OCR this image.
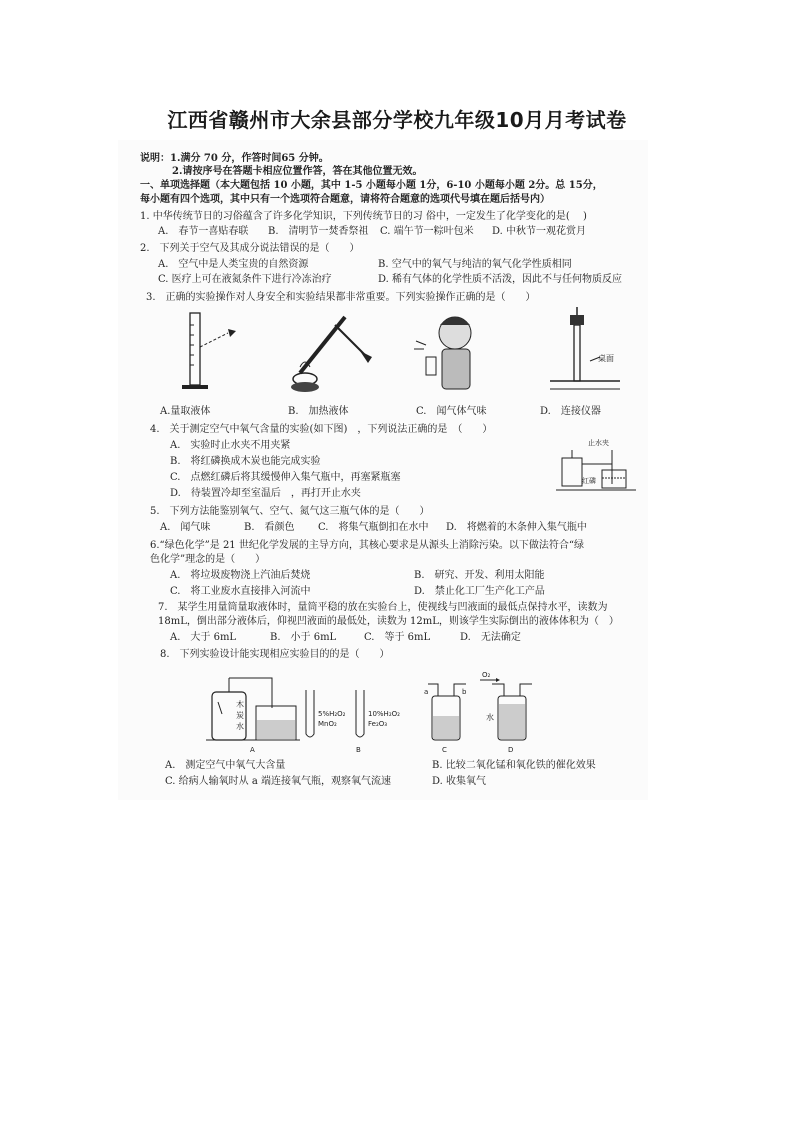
江西省赣州市大余县部分学校九年级10月月考试卷
说明：1.满分 70 分，作答时间65 分钟。
2.请按序号在答题卡相应位置作答，答在其他位置无效。
一、单项选择题（本大题包括 10 小题，其中 1-5 小题每小题 1分，6-10 小题每小题 2分。总 15分，
每小题有四个选项，其中只有一个选项符合题意，请将符合题意的选项代号填在题后括号内）
1. 中华传统节日的习俗蕴含了许多化学知识，下列传统节日的习 俗中，一定发生了化学变化的是(　 )
A.　春节一喜贴春联 B.　清明节一焚香祭祖 C. 端午节一粽叶包米 D. 中秋节一观花赏月
2.　下列关于空气及其成分说法错误的是（　　）
A.　空气中是人类宝贵的自然资源	B. 空气中的氧气与纯洁的氧气化学性质相同
C. 医疗上可在液氮条件下进行冷冻治疗	D. 稀有气体的化学性质不活泼，因此不与任何物质反应
3.　正确的实验操作对人身安全和实验结果都非常重要。下列实验操作正确的是（　　）
桌面
A.量取液体	B.　加热液体	C.　闻气体气味	D.　连接仪器
4.　关于测定空气中氧气含量的实验(如下图)　，下列说法正确的是　（　　）
A.　实验时止水夹不用夹紧
B.　将红磷换成木炭也能完成实验
C.　点燃红磷后将其缓慢伸入集气瓶中，再塞紧瓶塞
D.　待装置冷却至室温后　，再打开止水夹
止水夹
红磷
5.　下列方法能鉴别氧气、空气、氮气这三瓶气体的是（　　）
A.　闻气味	B.　看颜色 C.　将集气瓶倒扣在水中 D.　将燃着的木条伸入集气瓶中
6.“绿色化学”是 21 世纪化学发展的主导方向，其核心要求是从源头上消除污染。以下做法符合“绿
色化学”理念的是（　　）
A.　将垃圾废物浇上汽油后焚烧	B.　研究、开发、利用太阳能
C.　将工业废水直接排入河流中	D.　禁止化工厂生产化工产品
7.　某学生用量筒量取液体时，量筒平稳的放在实验台上，使视线与凹液面的最低点保持水平，读数为
18mL，倒出部分液体后，仰视凹液面的最低处，读数为 12mL，则该学生实际倒出的液体体积为（　）
A.　大于 6mL	B.　小于 6mL	C.　等于 6mL	D.　无法确定
8.　下列实验设计能实现相应实验目的的是（　　）
木
炭
水
A
5%H₂O₂
MnO₂
10%H₂O₂
Fe₂O₃
B
a	b
C
O₂
水
D
A.　测定空气中氧气大含量	B. 比较二氧化锰和氧化铁的催化效果
C. 给病人输氧时从 a 端连接氧气瓶，观察氧气流速	D. 收集氧气
